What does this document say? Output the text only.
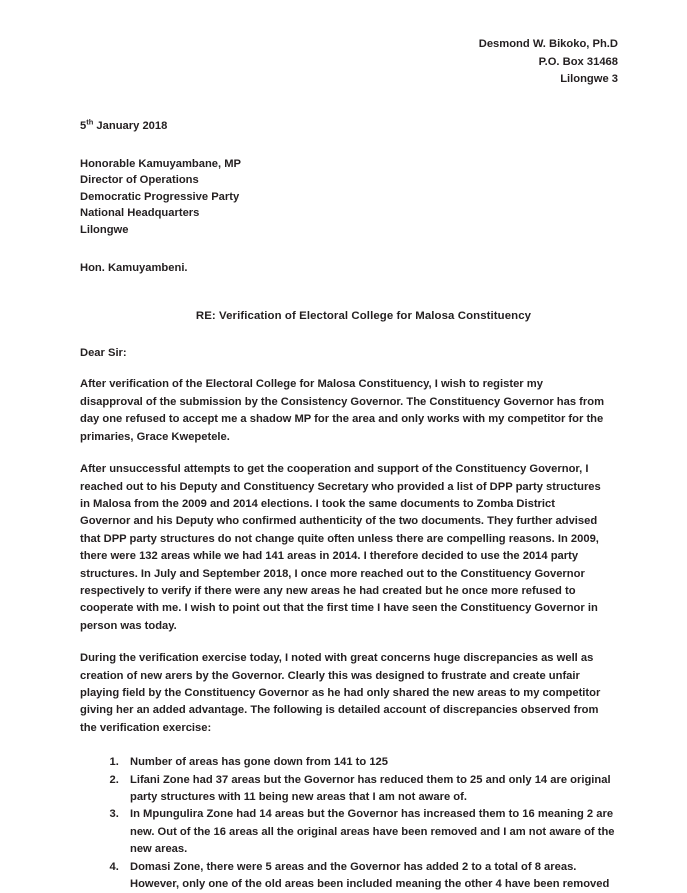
Desmond W. Bikoko, Ph.D
P.O. Box 31468
Lilongwe 3
5th January 2018
Honorable Kamuyambane, MP
Director of Operations
Democratic Progressive Party
National Headquarters
Lilongwe
Hon. Kamuyambeni.
RE: Verification of Electoral College for Malosa Constituency
Dear Sir:

After verification of the Electoral College for Malosa Constituency, I wish to register my disapproval of the submission by the Consistency Governor. The Constituency Governor has from day one refused to accept me a shadow MP for the area and only works with my competitor for the primaries, Grace Kwepetele.

After unsuccessful attempts to get the cooperation and support of the Constituency Governor, I reached out to his Deputy and Constituency Secretary who provided a list of DPP party structures in Malosa from the 2009 and 2014 elections. I took the same documents to Zomba District Governor and his Deputy who confirmed authenticity of the two documents. They further advised that DPP party structures do not change quite often unless there are compelling reasons. In 2009, there were 132 areas while we had 141 areas in 2014. I therefore decided to use the 2014 party structures. In July and September 2018, I once more reached out to the Constituency Governor respectively to verify if there were any new areas he had created but he once more refused to cooperate with me. I wish to point out that the first time I have seen the Constituency Governor in person was today.

During the verification exercise today, I noted with great concerns huge discrepancies as well as creation of new arers by the Governor. Clearly this was designed to frustrate and create unfair playing field by the Constituency Governor as he had only shared the new areas to my competitor giving her an added advantage. The following is detailed account of discrepancies observed from the verification exercise:

1. Number of areas has gone down from 141 to 125
2. Lifani Zone had 37 areas but the Governor has reduced them to 25 and only 14 are original party structures with 11 being new areas that I am not aware of.
3. In Mpungulira Zone had 14 areas but the Governor has increased them to 16 meaning 2 are new. Out of the 16 areas all the original areas have been removed and I am not aware of the new areas.
4. Domasi Zone, there were 5 areas and the Governor has added 2 to a total of 8 areas. However, only one of the old areas been included meaning the other 4 have been removed
